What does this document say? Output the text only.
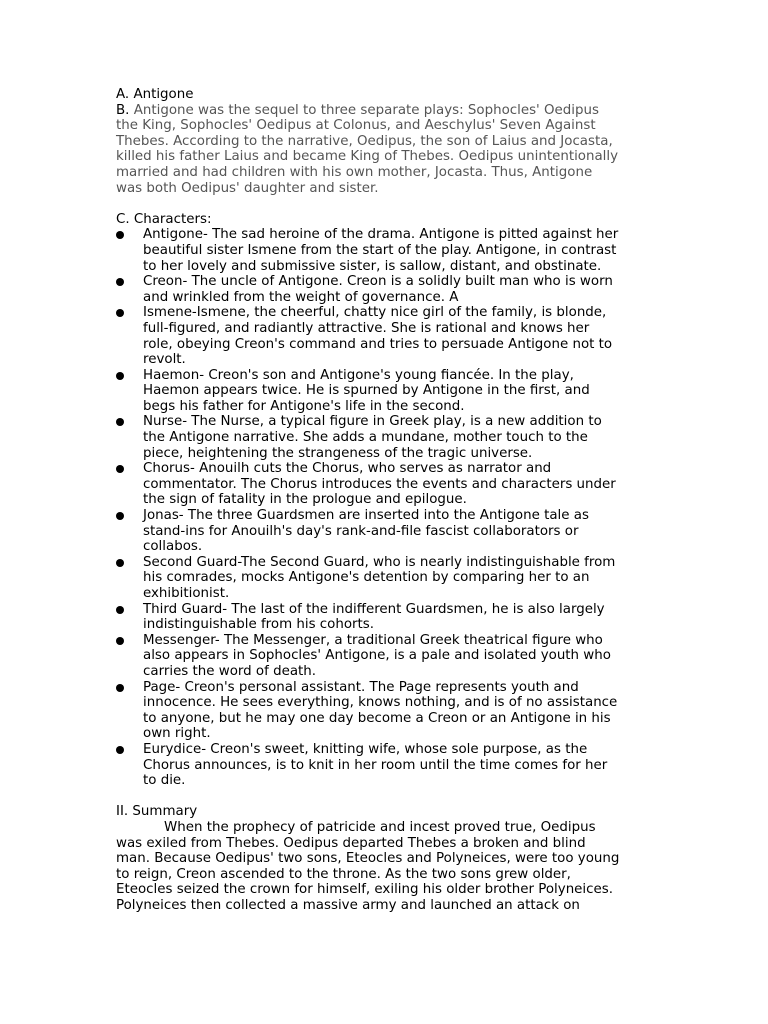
A. Antigone
B. Antigone was the sequel to three separate plays: Sophocles' Oedipus
the King, Sophocles' Oedipus at Colonus, and Aeschylus' Seven Against
Thebes. According to the narrative, Oedipus, the son of Laius and Jocasta,
killed his father Laius and became King of Thebes. Oedipus unintentionally
married and had children with his own mother, Jocasta. Thus, Antigone
was both Oedipus' daughter and sister.
C. Characters:
Antigone- The sad heroine of the drama. Antigone is pitted against her
beautiful sister Ismene from the start of the play. Antigone, in contrast
to her lovely and submissive sister, is sallow, distant, and obstinate.
Creon- The uncle of Antigone. Creon is a solidly built man who is worn
and wrinkled from the weight of governance. A
Ismene-Ismene, the cheerful, chatty nice girl of the family, is blonde,
full-figured, and radiantly attractive. She is rational and knows her
role, obeying Creon's command and tries to persuade Antigone not to
revolt.
Haemon- Creon's son and Antigone's young fiancée. In the play,
Haemon appears twice. He is spurned by Antigone in the first, and
begs his father for Antigone's life in the second.
Nurse- The Nurse, a typical figure in Greek play, is a new addition to
the Antigone narrative. She adds a mundane, mother touch to the
piece, heightening the strangeness of the tragic universe.
Chorus- Anouilh cuts the Chorus, who serves as narrator and
commentator. The Chorus introduces the events and characters under
the sign of fatality in the prologue and epilogue.
Jonas- The three Guardsmen are inserted into the Antigone tale as
stand-ins for Anouilh's day's rank-and-file fascist collaborators or
collabos.
Second Guard-The Second Guard, who is nearly indistinguishable from
his comrades, mocks Antigone's detention by comparing her to an
exhibitionist.
Third Guard- The last of the indifferent Guardsmen, he is also largely
indistinguishable from his cohorts.
Messenger- The Messenger, a traditional Greek theatrical figure who
also appears in Sophocles' Antigone, is a pale and isolated youth who
carries the word of death.
Page- Creon's personal assistant. The Page represents youth and
innocence. He sees everything, knows nothing, and is of no assistance
to anyone, but he may one day become a Creon or an Antigone in his
own right.
Eurydice- Creon's sweet, knitting wife, whose sole purpose, as the
Chorus announces, is to knit in her room until the time comes for her
to die.
II. Summary
When the prophecy of patricide and incest proved true, Oedipus
was exiled from Thebes. Oedipus departed Thebes a broken and blind
man. Because Oedipus' two sons, Eteocles and Polyneices, were too young
to reign, Creon ascended to the throne. As the two sons grew older,
Eteocles seized the crown for himself, exiling his older brother Polyneices.
Polyneices then collected a massive army and launched an attack on
